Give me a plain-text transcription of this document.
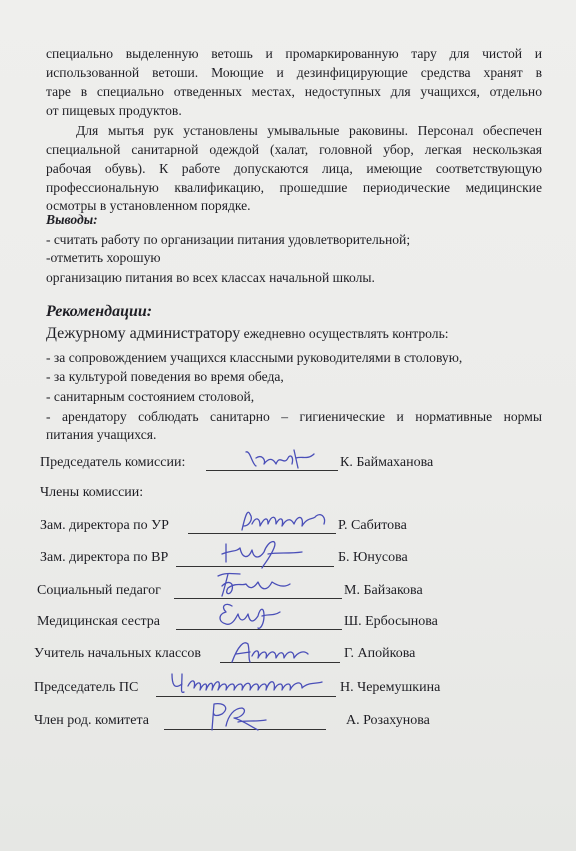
специально выделенную ветошь и промаркированную тару для чистой и
использованной ветоши. Моющие и дезинфицирующие средства хранят в
таре в специально отведенных местах, недоступных для учащихся, отдельно
от пищевых продуктов.
Для мытья рук установлены умывальные раковины. Персонал обеспечен
специальной санитарной одеждой (халат, головной убор, легкая нескользкая
рабочая обувь). К работе допускаются лица, имеющие соответствующую
профессиональную квалификацию, прошедшие периодические медицинские
осмотры в установленном порядке.
Выводы:
- считать работу по организации питания удовлетворительной;
-отметить хорошую
организацию питания во всех классах начальной школы.
Рекомендации:
Дежурному администратору ежедневно осуществлять контроль:
- за сопровождением учащихся классными руководителями в столовую,
- за культурой поведения во время обеда,
- санитарным состоянием столовой,
- арендатору соблюдать санитарно – гигиенические и нормативные нормы
питания учащихся.
Председатель комиссии:	К. Баймаханова
Члены комиссии:
Зам. директора по УР	Р. Сабитова
Зам. директора по ВР	Б. Юнусова
Социальный педагог	М. Байзакова
Медицинская сестра	Ш. Ербосынова
Учитель начальных классов	Г. Апойкова
Председатель ПС	Н. Черемушкина
Член род. комитета	А. Розахунова
